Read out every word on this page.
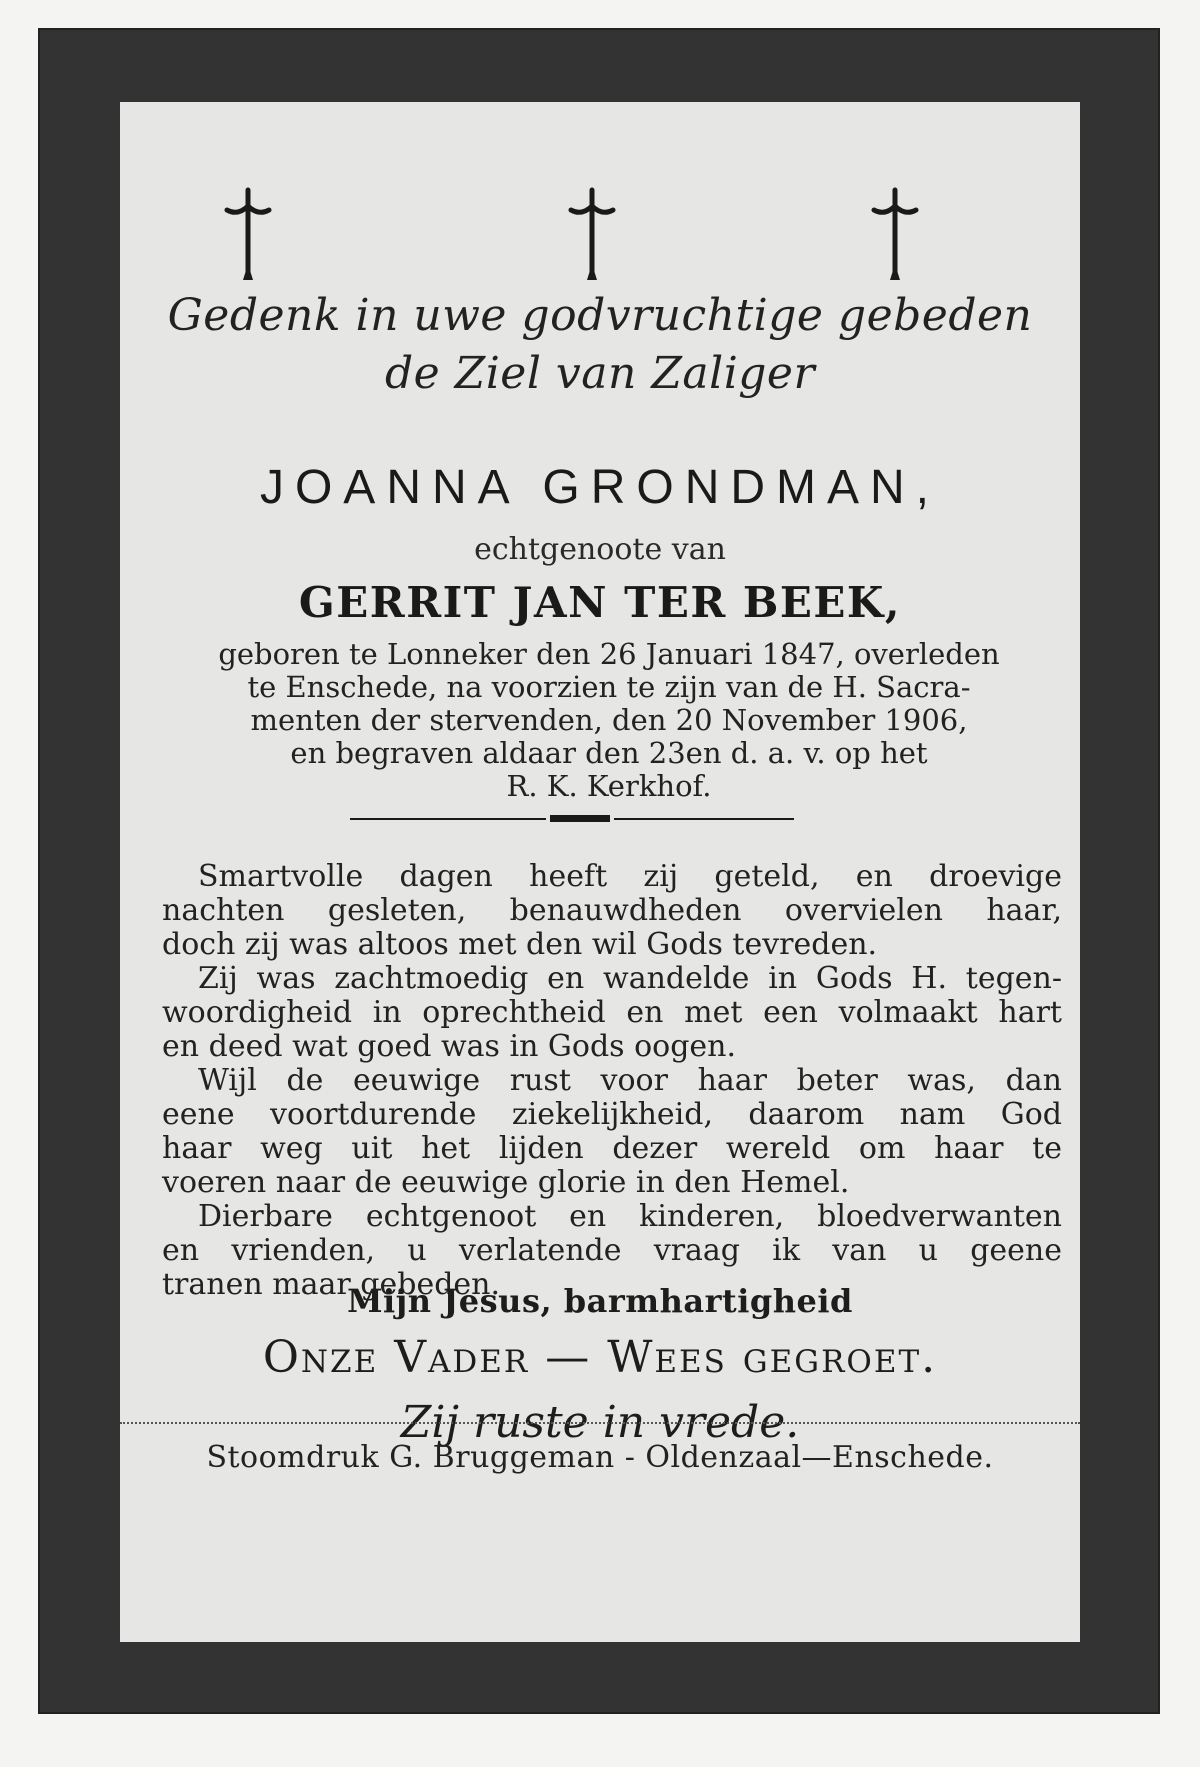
Gedenk in uwe godvruchtige gebeden
de Ziel van Zaliger
JOANNA GRONDMAN,
echtgenoote van
GERRIT JAN TER BEEK,
geboren te Lonneker den 26 Januari 1847, overleden
te Enschede, na voorzien te zijn van de H. Sacra-
menten der stervenden, den 20 November 1906,
en begraven aldaar den 23en d. a. v. op het
R. K. Kerkhof.
Smartvolle dagen heeft zij geteld, en droevige
nachten gesleten, benauwdheden overvielen haar,
doch zij was altoos met den wil Gods tevreden.
Zij was zachtmoedig en wandelde in Gods H. tegen-
woordigheid in oprechtheid en met een volmaakt hart
en deed wat goed was in Gods oogen.
Wijl de eeuwige rust voor haar beter was, dan
eene voortdurende ziekelijkheid, daarom nam God
haar weg uit het lijden dezer wereld om haar te
voeren naar de eeuwige glorie in den Hemel.
Dierbare echtgenoot en kinderen, bloedverwanten
en vrienden, u verlatende vraag ik van u geene
tranen maar gebeden.
Mijn Jesus, barmhartigheid
Onze Vader — Wees gegroet.
Zij ruste in vrede.
Stoomdruk G. Bruggeman - Oldenzaal—Enschede.
